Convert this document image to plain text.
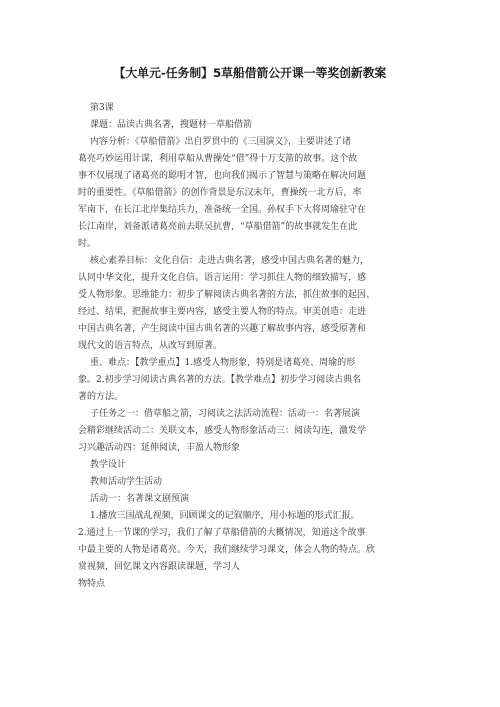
【大单元-任务制】5草船借箭公开课一等奖创新教案
第3课
课题：品读古典名著，搜题材一草船借箭
内容分析：《草船借箭》出自罗贯中的《三国演义》，主要讲述了诸
葛亮巧妙运用计谋，利用草船从曹操处“借”得十万支箭的故事。这个故
事不仅展现了诸葛亮的聪明才智，也向我们揭示了智慧与策略在解决问题
时的重要性。《草船借箭》的创作背景是东汉末年，曹操统一北方后，率
军南下，在长江北岸集结兵力，准备统一全国。孙权手下大将周瑜驻守在
长江南岸，刘备派诸葛亮前去联吴抗曹，“草船借箭”的故事就发生在此
时。
核心素养目标：文化自信：走进古典名著，感受中国古典名著的魅力，
认同中华文化，提升文化自信。语言运用：学习抓住人物的细致描写，感
受人物形象。思维能力：初步了解阅读古典名著的方法，抓住故事的起因、
经过、结果，把握故事主要内容，感受主要人物的特点。审美创造：走进
中国古典名著，产生阅读中国古典名著的兴趣了解故事内容，感受原著和
现代文的语言特点，从改写到原著。
重、难点：【教学重点】1.感受人物形象，特别是诸葛亮、周瑜的形
象。2.初步学习阅读古典名著的方法。【教学难点】初步学习阅读古典名
著的方法。
子任务之一：借草船之箭，习阅读之法活动流程：活动一：名著展演
会精彩继续活动二：关联文本，感受人物形象活动三：阅读勾连，激发学
习兴趣活动四：延伸阅读，丰盈人物形象
教学设计
教师活动学生活动
活动一：名著课文剧预演
1.播放三国战乱视频，回顾课文的记叙顺序，用小标题的形式汇报。
2.通过上一节课的学习，我们了解了草船借箭的大概情况，知道这个故事
中最主要的人物是诸葛亮。今天，我们继续学习课文，体会人物的特点。欣
赏视频，回忆课文内容跟读课题，学习人
物特点
